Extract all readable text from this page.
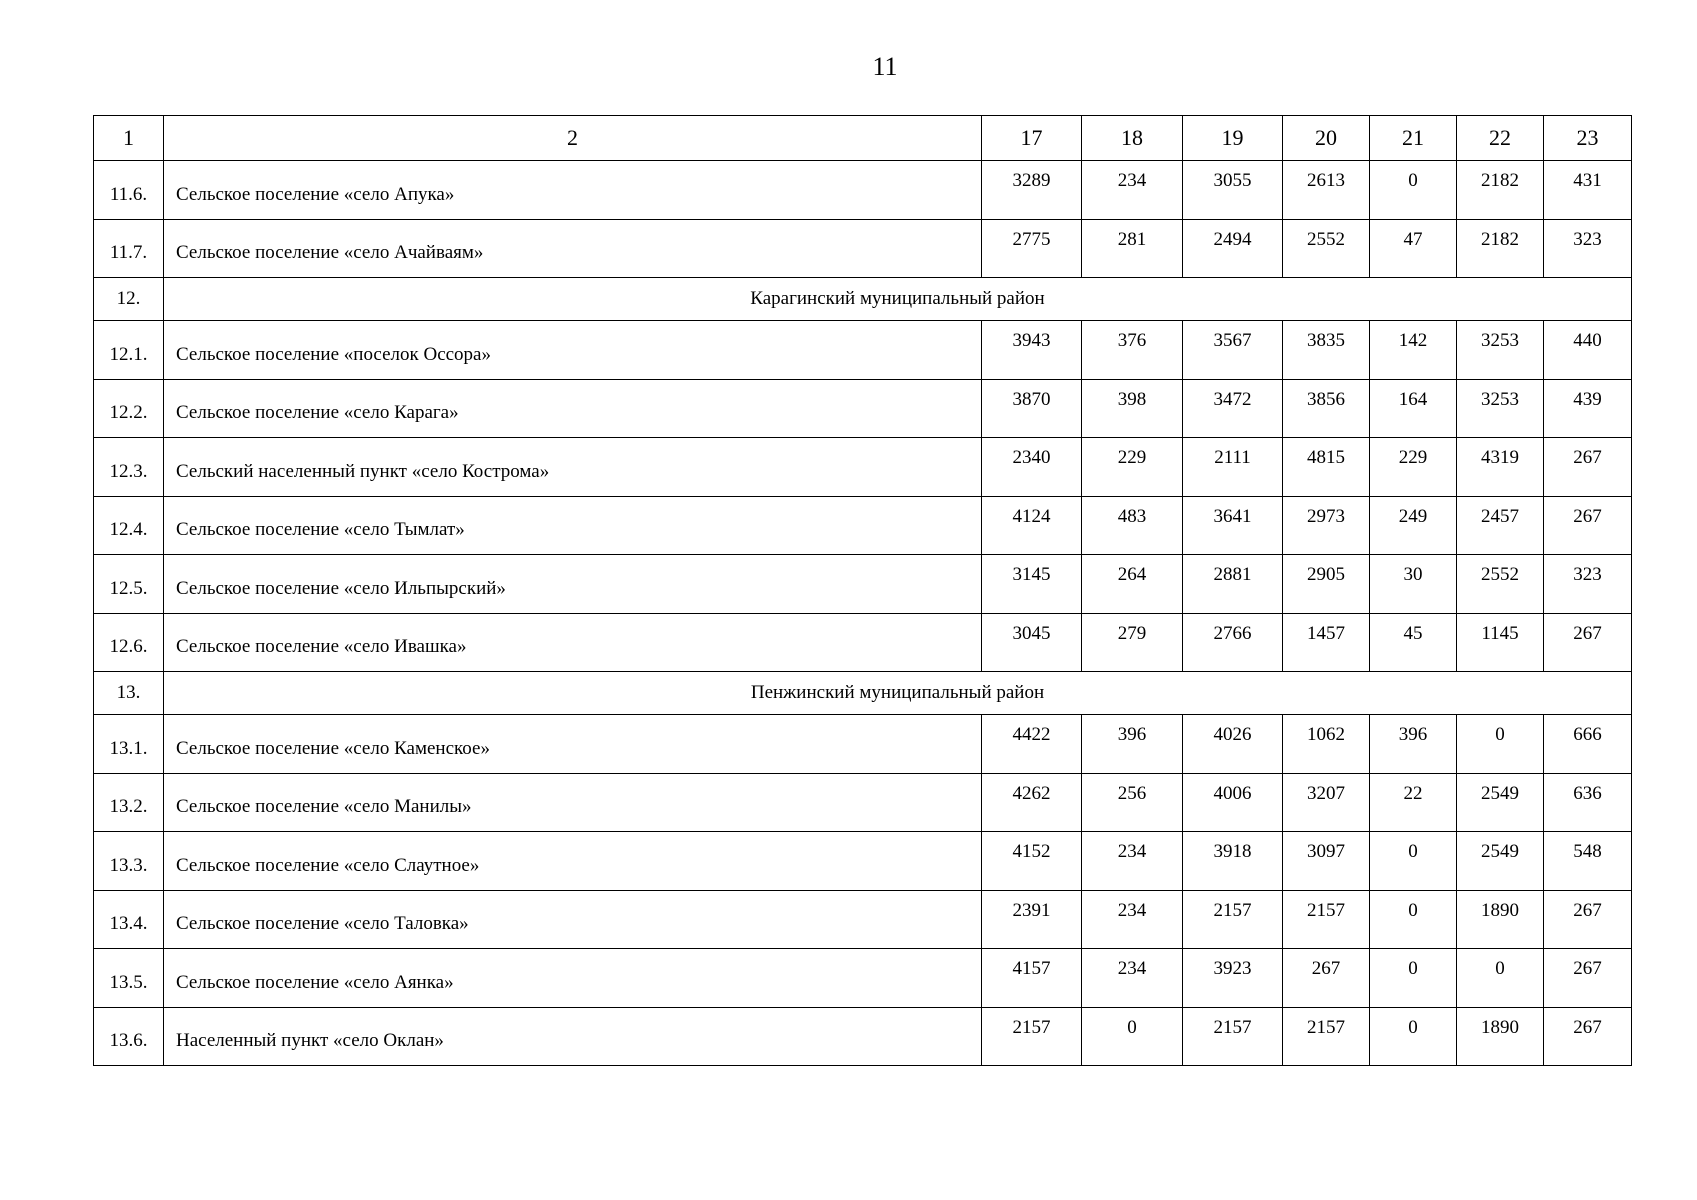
11
1	2	17	18	19	20	21	22	23
11.6.	Сельское поселение «село Апука»	3289	234	3055	2613	0	2182	431
11.7.	Сельское поселение «село Ачайваям»	2775	281	2494	2552	47	2182	323
12.	Карагинский муниципальный район							
12.1.	Сельское поселение «поселок Оссора»	3943	376	3567	3835	142	3253	440
12.2.	Сельское поселение «село Карага»	3870	398	3472	3856	164	3253	439
12.3.	Сельский населенный пункт «село Кострома»	2340	229	2111	4815	229	4319	267
12.4.	Сельское поселение «село Тымлат»	4124	483	3641	2973	249	2457	267
12.5.	Сельское поселение «село Ильпырский»	3145	264	2881	2905	30	2552	323
12.6.	Сельское поселение «село Ивашка»	3045	279	2766	1457	45	1145	267
13.	Пенжинский муниципальный район							
13.1.	Сельское поселение «село Каменское»	4422	396	4026	1062	396	0	666
13.2.	Сельское поселение «село Манилы»	4262	256	4006	3207	22	2549	636
13.3.	Сельское поселение «село Слаутное»	4152	234	3918	3097	0	2549	548
13.4.	Сельское поселение «село Таловка»	2391	234	2157	2157	0	1890	267
13.5.	Сельское поселение «село Аянка»	4157	234	3923	267	0	0	267
13.6.	Населенный пункт «село Оклан»	2157	0	2157	2157	0	1890	267
